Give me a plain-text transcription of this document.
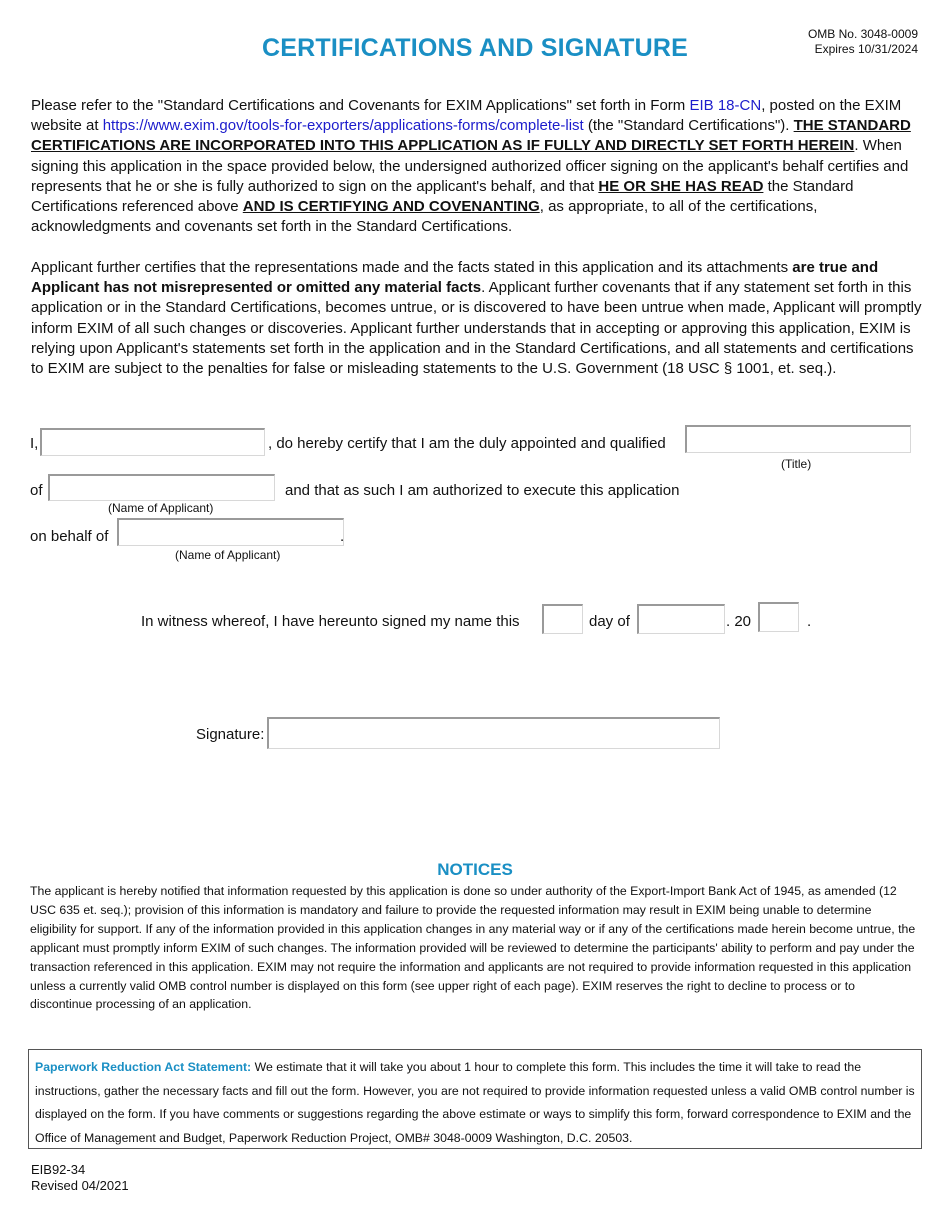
CERTIFICATIONS AND SIGNATURE	OMB No. 3048-0009
Expires 10/31/2024
Please refer to the "Standard Certifications and Covenants for EXIM Applications" set forth in Form EIB 18-CN, posted on the EXIM website at https://www.exim.gov/tools-for-exporters/applications-forms/complete-list (the "Standard Certifications"). THE STANDARD CERTIFICATIONS ARE INCORPORATED INTO THIS APPLICATION AS IF FULLY AND DIRECTLY SET FORTH HEREIN. When signing this application in the space provided below, the undersigned authorized officer signing on the applicant's behalf certifies and represents that he or she is fully authorized to sign on the applicant's behalf, and that HE OR SHE HAS READ the Standard Certifications referenced above AND IS CERTIFYING AND COVENANTING, as appropriate, to all of the certifications, acknowledgments and covenants set forth in the Standard Certifications.
Applicant further certifies that the representations made and the facts stated in this application and its attachments are true and Applicant has not misrepresented or omitted any material facts. Applicant further covenants that if any statement set forth in this application or in the Standard Certifications, becomes untrue, or is discovered to have been untrue when made, Applicant will promptly inform EXIM of all such changes or discoveries. Applicant further understands that in accepting or approving this application, EXIM is relying upon Applicant's statements set forth in the application and in the Standard Certifications, and all statements and certifications to EXIM are subject to the penalties for false or misleading statements to the U.S. Government (18 USC § 1001, et. seq.).
I,	, do hereby certify that I am the duly appointed and qualified
(Title)
of	and that as such I am authorized to execute this application
(Name of Applicant)
on behalf of	.
(Name of Applicant)
In witness whereof, I have hereunto signed my name this	day of	. 20	.
Signature:
NOTICES
The applicant is hereby notified that information requested by this application is done so under authority of the Export-Import Bank Act of 1945, as amended (12 USC 635 et. seq.); provision of this information is mandatory and failure to provide the requested information may result in EXIM being unable to determine eligibility for support. If any of the information provided in this application changes in any material way or if any of the certifications made herein become untrue, the applicant must promptly inform EXIM of such changes. The information provided will be reviewed to determine the participants' ability to perform and pay under the transaction referenced in this application. EXIM may not require the information and applicants are not required to provide information requested in this application unless a currently valid OMB control number is displayed on this form (see upper right of each page). EXIM reserves the right to decline to process or to discontinue processing of an application.
Paperwork Reduction Act Statement: We estimate that it will take you about 1 hour to complete this form. This includes the time it will take to read the instructions, gather the necessary facts and fill out the form. However, you are not required to provide information requested unless a valid OMB control number is displayed on the form. If you have comments or suggestions regarding the above estimate or ways to simplify this form, forward correspondence to EXIM and the Office of Management and Budget, Paperwork Reduction Project, OMB# 3048-0009 Washington, D.C. 20503.
EIB92-34
Revised 04/2021
